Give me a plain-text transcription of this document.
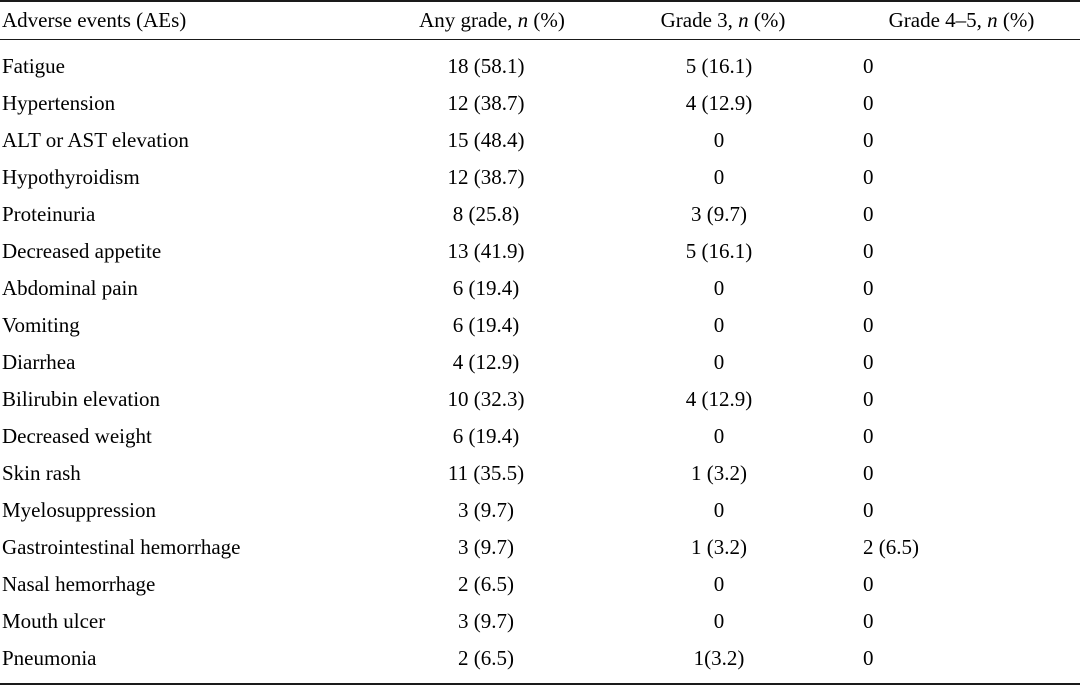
Adverse events (AEs)	Any grade, n (%)	Grade 3, n (%)	Grade 4–5, n (%)
Fatigue	18 (58.1)	5 (16.1)	0
Hypertension	12 (38.7)	4 (12.9)	0
ALT or AST elevation	15 (48.4)	0	0
Hypothyroidism	12 (38.7)	0	0
Proteinuria	8 (25.8)	3 (9.7)	0
Decreased appetite	13 (41.9)	5 (16.1)	0
Abdominal pain	6 (19.4)	0	0
Vomiting	6 (19.4)	0	0
Diarrhea	4 (12.9)	0	0
Bilirubin elevation	10 (32.3)	4 (12.9)	0
Decreased weight	6 (19.4)	0	0
Skin rash	11 (35.5)	1 (3.2)	0
Myelosuppression	3 (9.7)	0	0
Gastrointestinal hemorrhage	3 (9.7)	1 (3.2)	2 (6.5)
Nasal hemorrhage	2 (6.5)	0	0
Mouth ulcer	3 (9.7)	0	0
Pneumonia	2 (6.5)	1(3.2)	0
